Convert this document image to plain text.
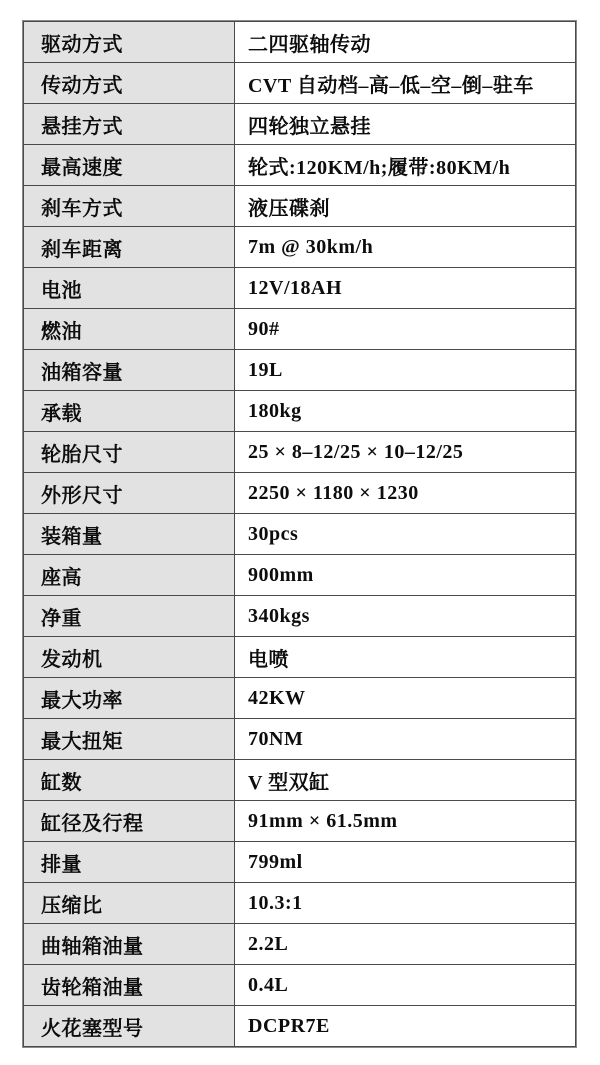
驱动方式	二四驱轴传动
传动方式	CVT 自动档–高–低–空–倒–驻车
悬挂方式	四轮独立悬挂
最高速度	轮式:120KM/h;履带:80KM/h
刹车方式	液压碟刹
刹车距离	7m @ 30km/h
电池	12V/18AH
燃油	90#
油箱容量	19L
承载	180kg
轮胎尺寸	25 × 8–12/25 × 10–12/25
外形尺寸	2250 × 1180 × 1230
装箱量	30pcs
座高	900mm
净重	340kgs
发动机	电喷
最大功率	42KW
最大扭矩	70NM
缸数	V 型双缸
缸径及行程	91mm × 61.5mm
排量	799ml
压缩比	10.3:1
曲轴箱油量	2.2L
齿轮箱油量	0.4L
火花塞型号	DCPR7E
